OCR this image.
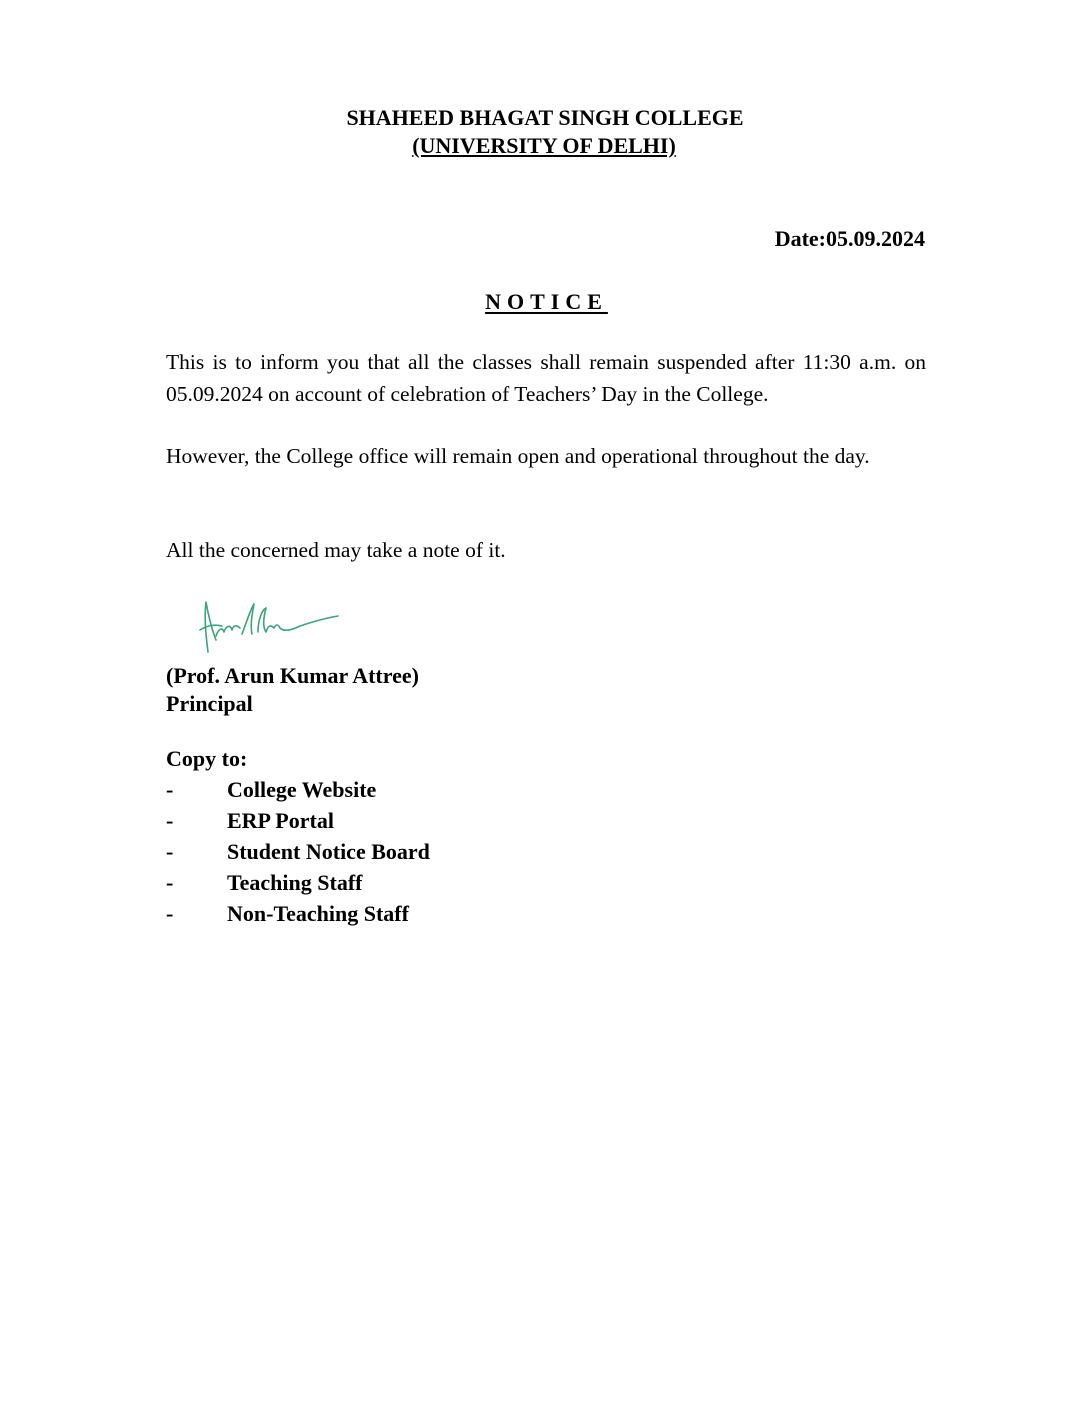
SHAHEED BHAGAT SINGH COLLEGE
(UNIVERSITY OF DELHI)
Date:05.09.2024
NOTICE
This is to inform you that all the classes shall remain suspended after 11:30 a.m. on 05.09.2024 on account of celebration of Teachers’ Day in the College.
However, the College office will remain open and operational throughout the day.
All the concerned may take a note of it.
(Prof. Arun Kumar Attree)
Principal
Copy to:
- College Website
- ERP Portal
- Student Notice Board
- Teaching Staff
- Non-Teaching Staff
